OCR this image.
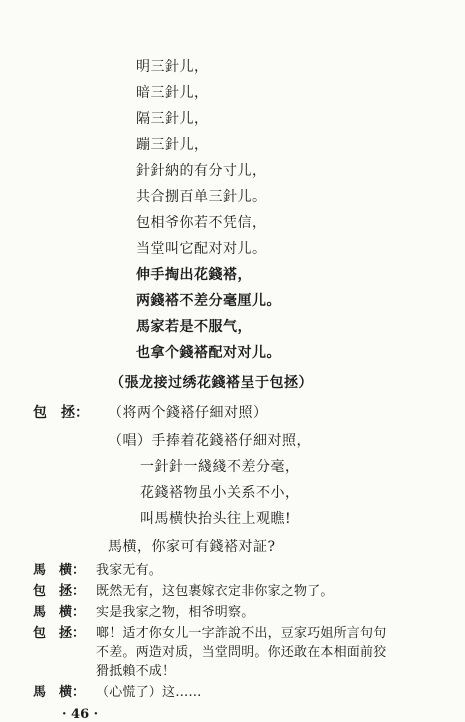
明三針儿，
暗三針儿，
隔三針儿，
蹦三針儿，
針針納的有分寸儿，
共合捌百单三針儿。
包相爷你若不凭信，
当堂叫它配对对儿。
伸手掏出花錢褡，
两錢褡不差分毫厘儿。
馬家若是不服气，
也拿个錢褡配对对儿。
（張龙接过绣花錢褡呈于包拯）
包　拯： （将两个錢褡仔細对照）
（唱）手捧着花錢褡仔細对照，
一針針一綫綫不差分毫，
花錢褡物虽小关系不小，
叫馬横快抬头往上观瞧!
馬横，你家可有錢褡对証?
馬　横： 我家无有。
包　拯： 既然无有，这包裹嫁衣定非你家之物了。
馬　横： 实是我家之物，相爷明察。
包　拯： 啷！适才你女儿一字詐說不出，豆家巧姐所言句句
不差。两造对质，当堂問明。你还敢在本相面前狡
猾抵賴不成！
馬　横： （心慌了）这……
· 46 ·
